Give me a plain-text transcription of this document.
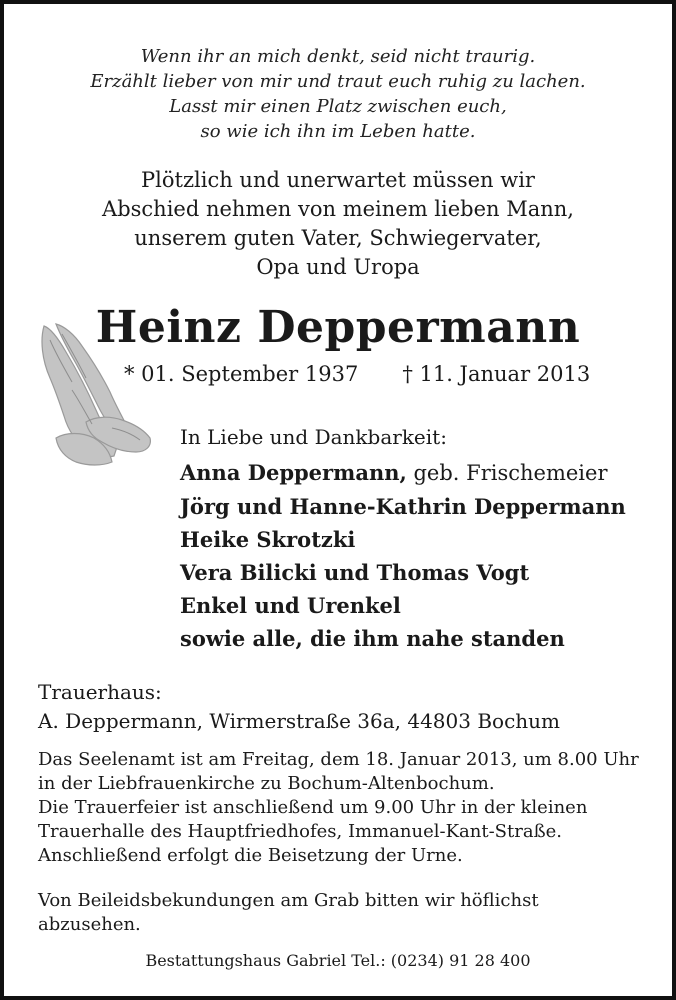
Wenn ihr an mich denkt, seid nicht traurig.
Erzählt lieber von mir und traut euch ruhig zu lachen.
Lasst mir einen Platz zwischen euch,
so wie ich ihn im Leben hatte.
Plötzlich und unerwartet müssen wir
Abschied nehmen von meinem lieben Mann,
unserem guten Vater, Schwiegervater,
Opa und Uropa
Heinz Deppermann
* 01. September 1937 † 11. Januar 2013
In Liebe und Dankbarkeit:
Anna Deppermann, geb. Frischemeier
Jörg und Hanne-Kathrin Deppermann
Heike Skrotzki
Vera Bilicki und Thomas Vogt
Enkel und Urenkel
sowie alle, die ihm nahe standen
Trauerhaus:
A. Deppermann, Wirmerstraße 36a, 44803 Bochum
Das Seelenamt ist am Freitag, dem 18. Januar 2013, um 8.00 Uhr
in der Liebfrauenkirche zu Bochum-Altenbochum.
Die Trauerfeier ist anschließend um 9.00 Uhr in der kleinen
Trauerhalle des Hauptfriedhofes, Immanuel-Kant-Straße.
Anschließend erfolgt die Beisetzung der Urne.
Von Beileidsbekundungen am Grab bitten wir höflichst
abzusehen.
Bestattungshaus Gabriel Tel.: (0234) 91 28 400
